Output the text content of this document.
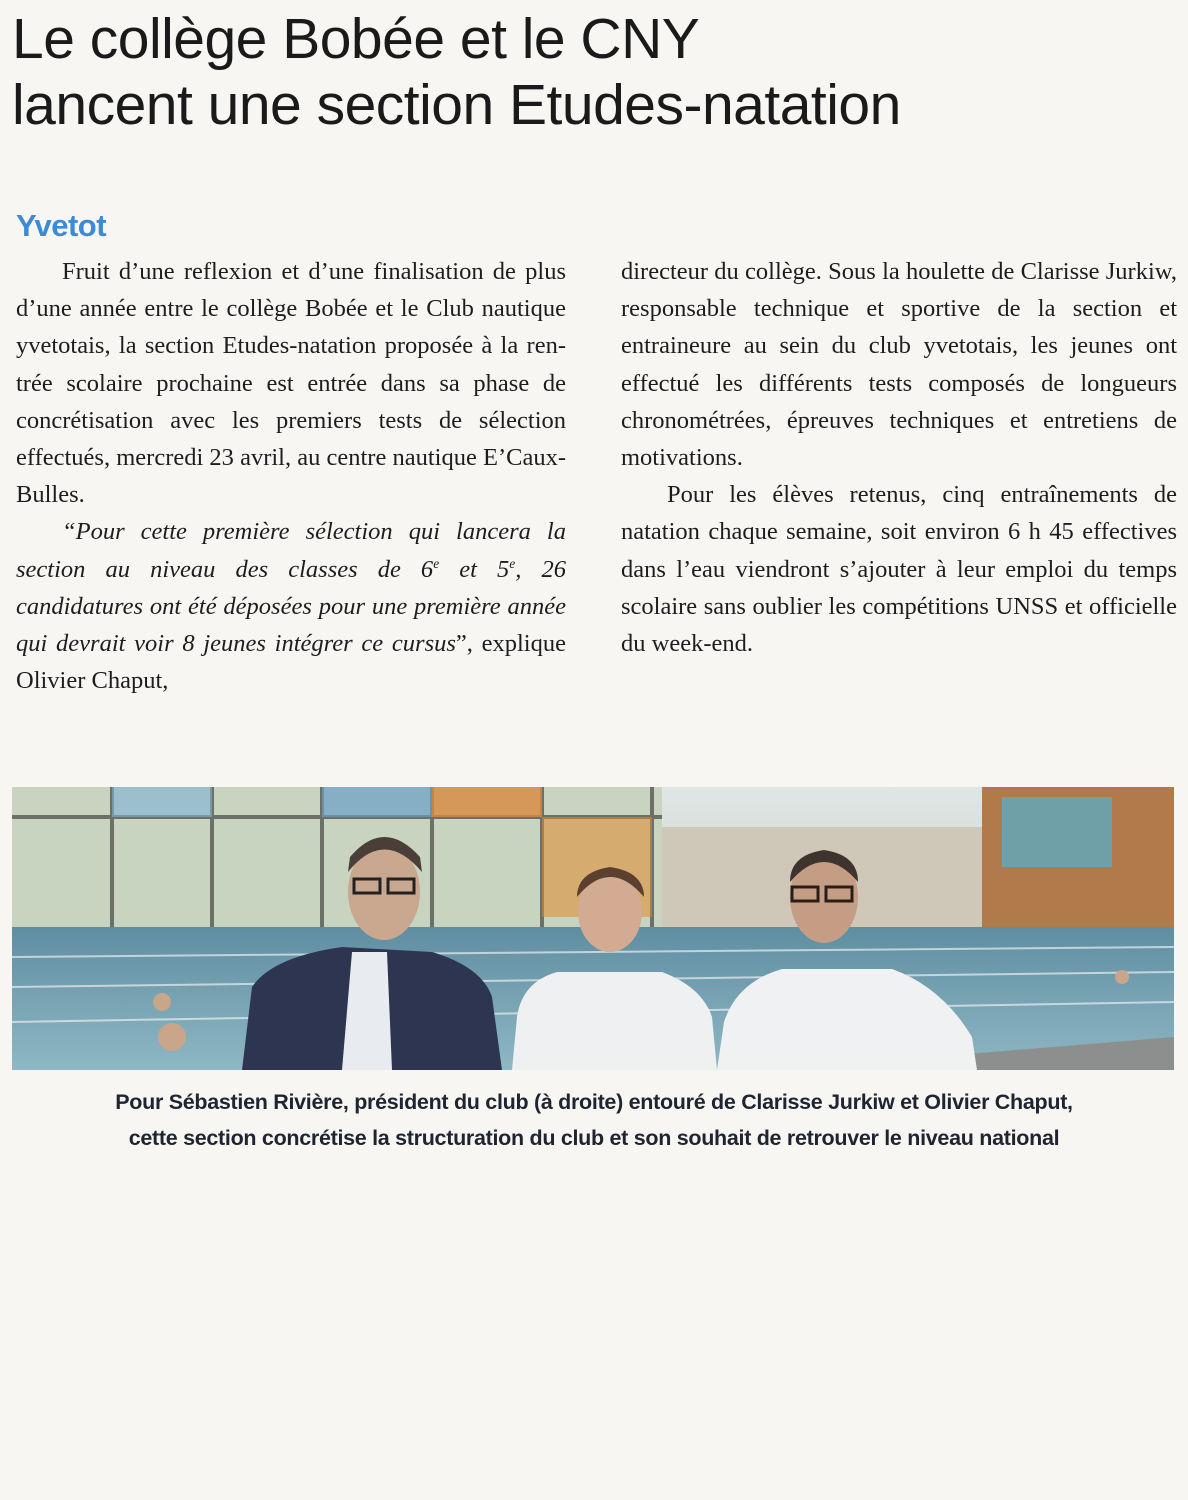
Le collège Bobée et le CNY
lancent une section Etudes-natation
Yvetot

Fruit d’une reflexion et d’une finalisation de plus d’une année entre le collège Bobée et le Club nautique yvetotais, la section Etudes-natation proposée à la rentrée scolaire prochaine est entrée dans sa phase de concrétisation avec les premiers tests de sélection effectués, mercredi 23 avril, au centre nautique E’Caux-Bulles.

“Pour cette première sélection qui lancera la section au niveau des classes de 6e et 5e, 26 candidatures ont été déposées pour une première année qui devrait voir 8 jeunes intégrer ce cursus”, explique Olivier Chaput,

directeur du collège. Sous la houlette de Clarisse Jurkiw, responsable technique et sportive de la section et entraineure au sein du club yvetotais, les jeunes ont effectué les différents tests composés de longueurs chronométrées, épreuves techniques et entretiens de motivations.

Pour les élèves retenus, cinq entraînements de natation chaque semaine, soit environ 6 h 45 effectives dans l’eau viendront s’ajouter à leur emploi du temps scolaire sans oublier les compétitions UNSS et officielle du week-end.

Pour Sébastien Rivière, président du club (à droite) entouré de Clarisse Jurkiw et Olivier Chaput,
cette section concrétise la structuration du club et son souhait de retrouver le niveau national
